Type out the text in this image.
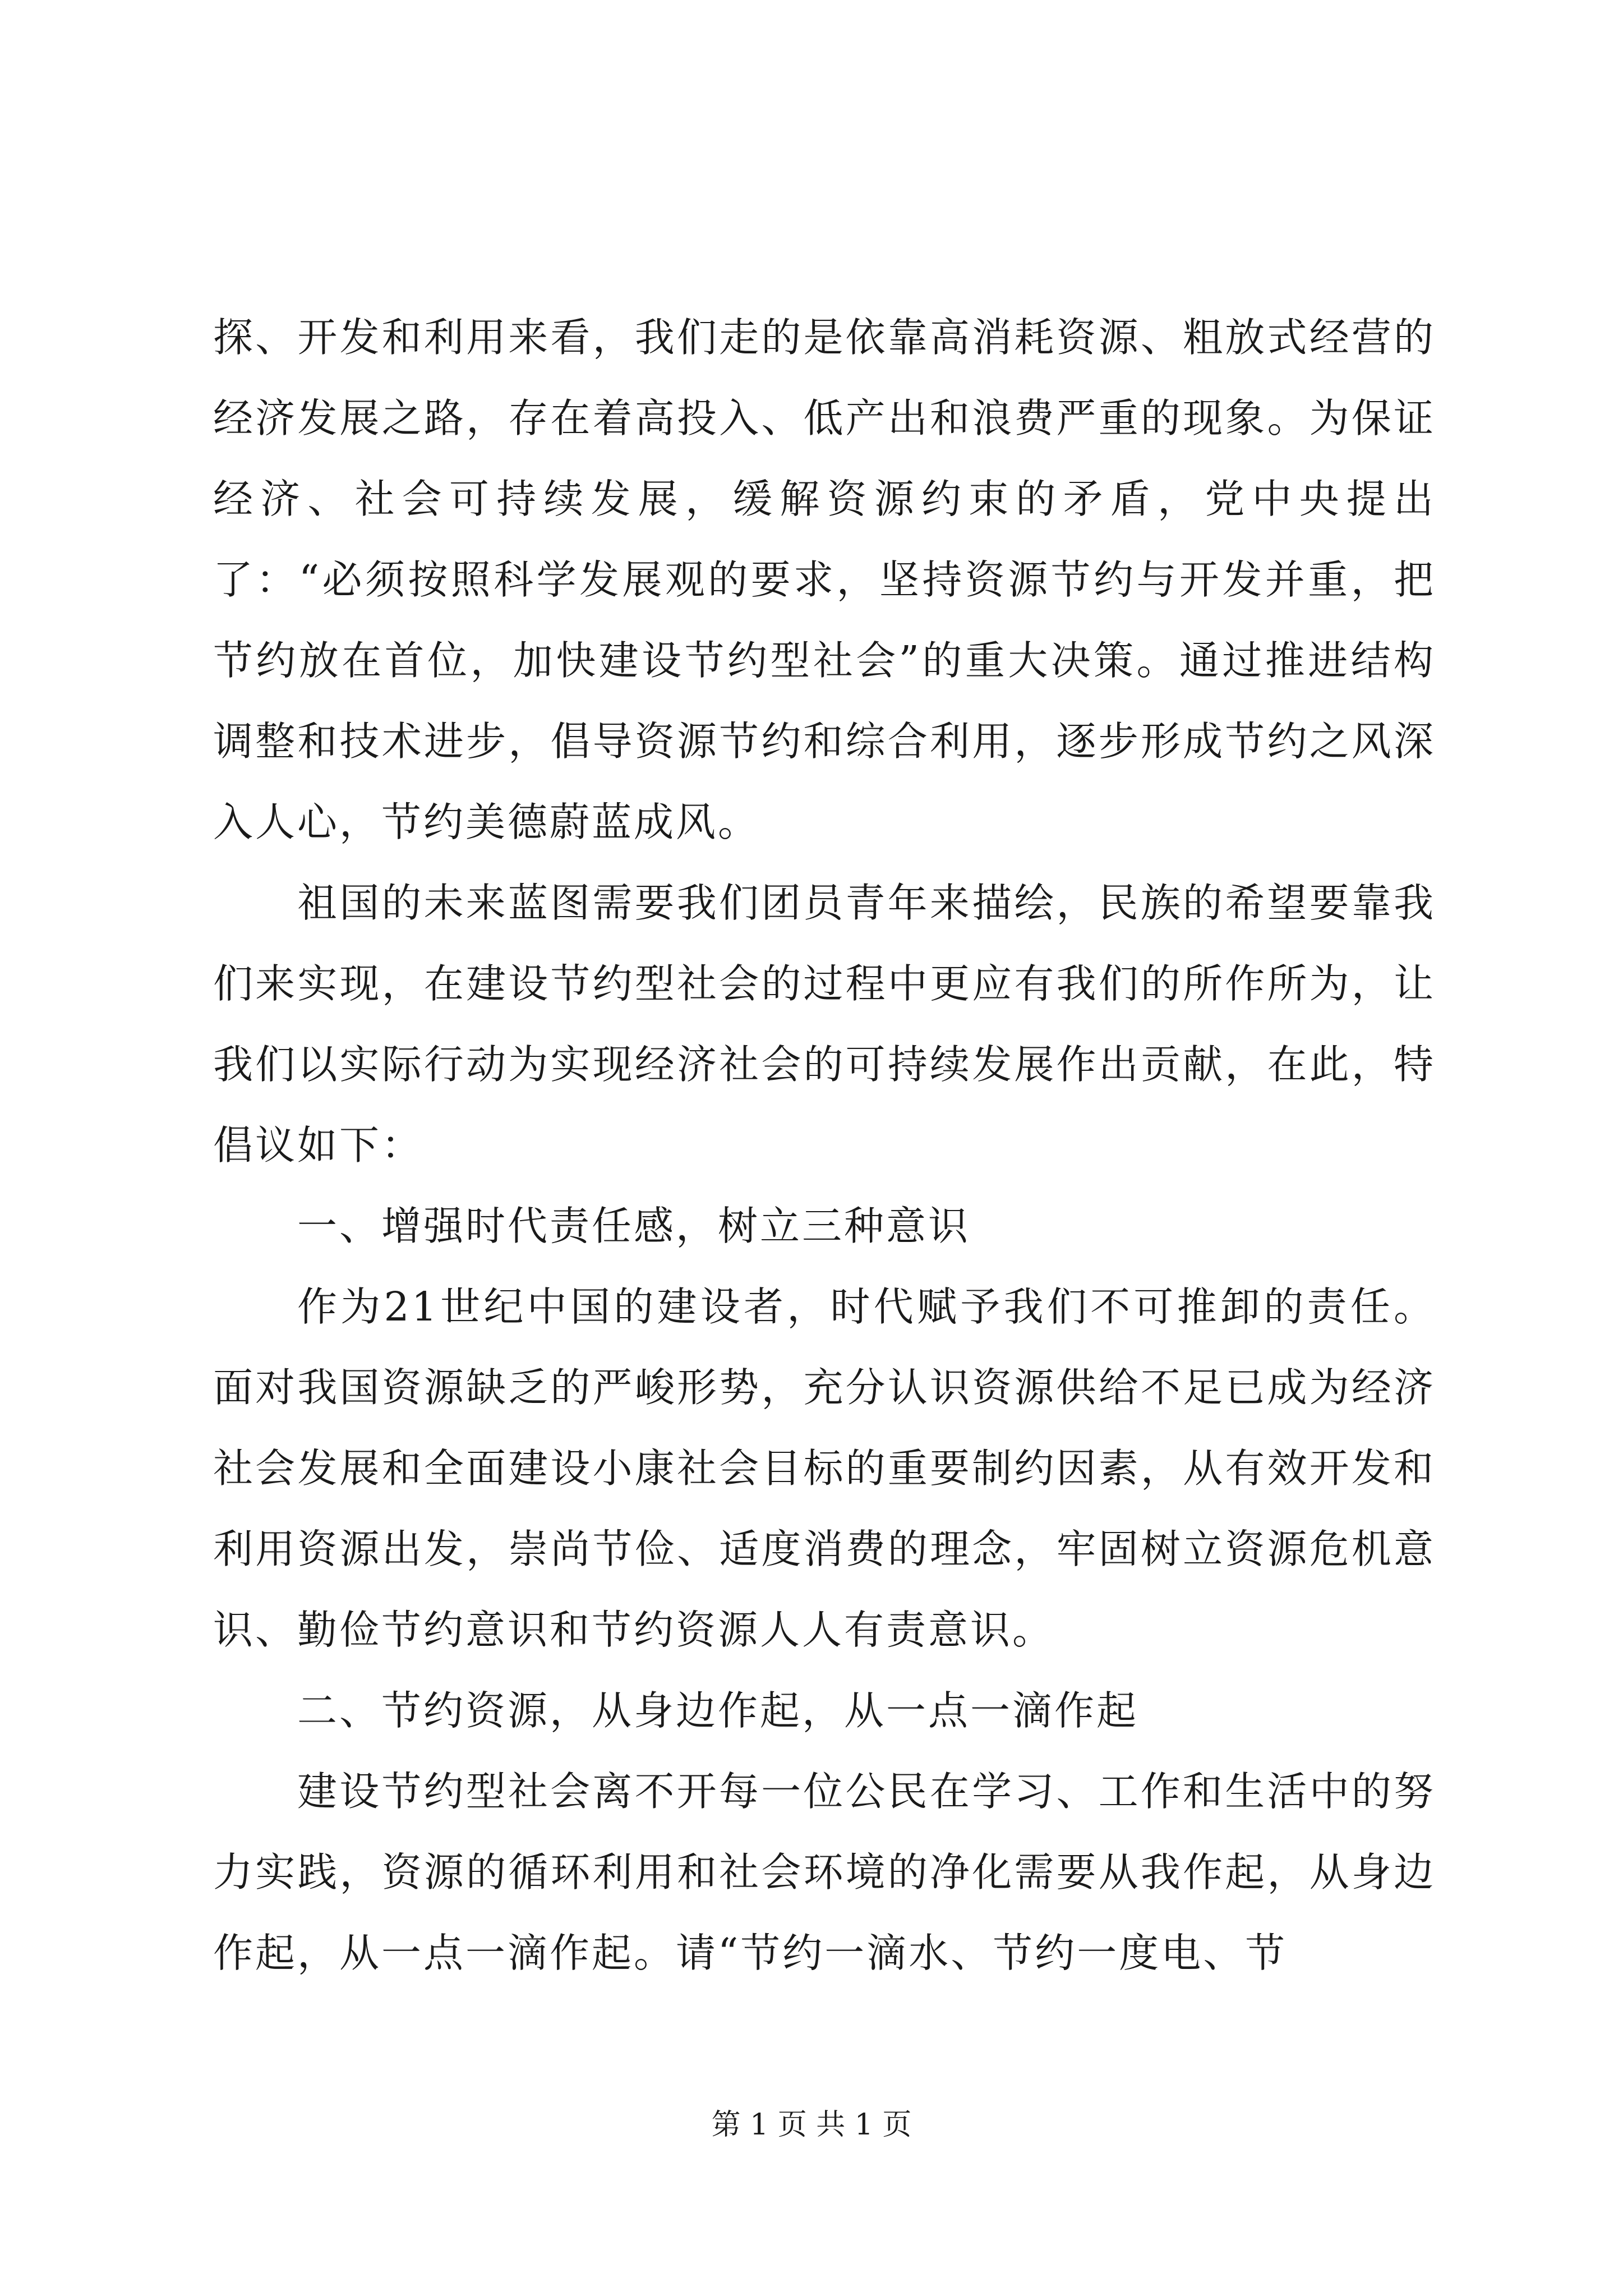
探、开发和利用来看，我们走的是依靠高消耗资源、粗放式经营的经济发展之路，存在着高投入、低产出和浪费严重的现象。为保证经济、社会可持续发展，缓解资源约束的矛盾，党中央提出了：“必须按照科学发展观的要求，坚持资源节约与开发并重，把节约放在首位，加快建设节约型社会”的重大决策。通过推进结构调整和技术进步，倡导资源节约和综合利用，逐步形成节约之风深入人心，节约美德蔚蓝成风。

祖国的未来蓝图需要我们团员青年来描绘，民族的希望要靠我们来实现，在建设节约型社会的过程中更应有我们的所作所为，让我们以实际行动为实现经济社会的可持续发展作出贡献，在此，特倡议如下：

一、增强时代责任感，树立三种意识

作为21世纪中国的建设者，时代赋予我们不可推卸的责任。面对我国资源缺乏的严峻形势，充分认识资源供给不足已成为经济社会发展和全面建设小康社会目标的重要制约因素，从有效开发和利用资源出发，崇尚节俭、适度消费的理念，牢固树立资源危机意识、勤俭节约意识和节约资源人人有责意识。

二、节约资源，从身边作起，从一点一滴作起

建设节约型社会离不开每一位公民在学习、工作和生活中的努力实践，资源的循环利用和社会环境的净化需要从我作起，从身边作起，从一点一滴作起。请“节约一滴水、节约一度电、节

第 1 页 共 1 页
